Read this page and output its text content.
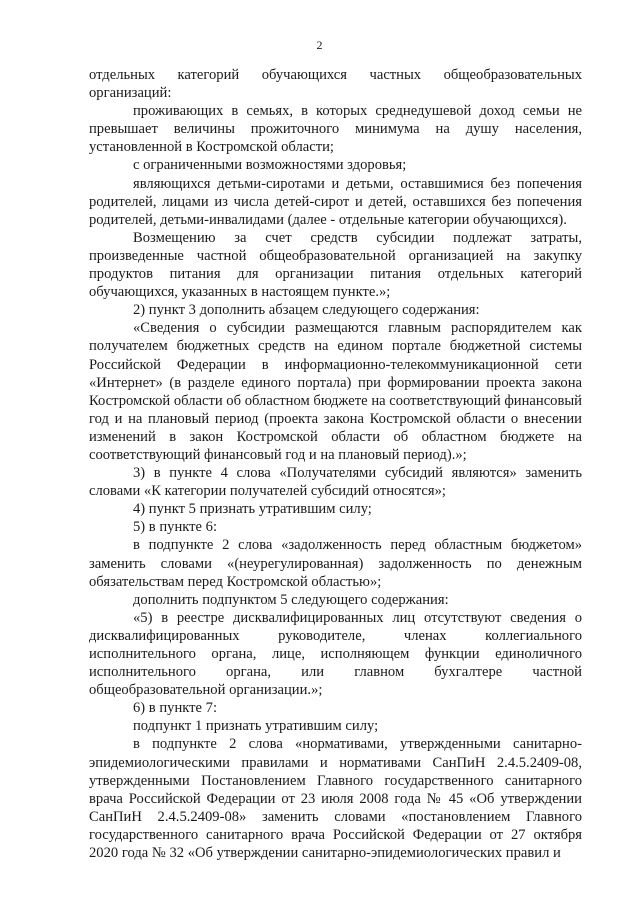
2

отдельных категорий обучающихся частных общеобразовательных организаций:

проживающих в семьях, в которых среднедушевой доход семьи не превышает величины прожиточного минимума на душу населения, установленной в Костромской области;

с ограниченными возможностями здоровья;

являющихся детьми-сиротами и детьми, оставшимися без попечения родителей, лицами из числа детей-сирот и детей, оставшихся без попечения родителей, детьми-инвалидами (далее - отдельные категории обучающихся).

Возмещению за счет средств субсидии подлежат затраты, произведенные частной общеобразовательной организацией на закупку продуктов питания для организации питания отдельных категорий обучающихся, указанных в настоящем пункте.»;

2) пункт 3 дополнить абзацем следующего содержания:

«Сведения о субсидии размещаются главным распорядителем как получателем бюджетных средств на едином портале бюджетной системы Российской Федерации в информационно-телекоммуникационной сети «Интернет» (в разделе единого портала) при формировании проекта закона Костромской области об областном бюджете на соответствующий финансовый год и на плановый период (проекта закона Костромской области о внесении изменений в закон Костромской области об областном бюджете на соответствующий финансовый год и на плановый период).»;

3) в пункте 4 слова «Получателями субсидий являются» заменить словами «К категории получателей субсидий относятся»;

4) пункт 5 признать утратившим силу;

5) в пункте 6:

в подпункте 2 слова «задолженность перед областным бюджетом» заменить словами «(неурегулированная) задолженность по денежным обязательствам перед Костромской областью»;

дополнить подпунктом 5 следующего содержания:

«5) в реестре дисквалифицированных лиц отсутствуют сведения о дисквалифицированных руководителе, членах коллегиального исполнительного органа, лице, исполняющем функции единоличного исполнительного органа, или главном бухгалтере частной общеобразовательной организации.»;

6) в пункте 7:

подпункт 1 признать утратившим силу;

в подпункте 2 слова «нормативами, утвержденными санитарно-эпидемиологическими правилами и нормативами СанПиН 2.4.5.2409-08, утвержденными Постановлением Главного государственного санитарного врача Российской Федерации от 23 июля 2008 года № 45 «Об утверждении СанПиН 2.4.5.2409-08» заменить словами «постановлением Главного государственного санитарного врача Российской Федерации от 27 октября 2020 года № 32 «Об утверждении санитарно-эпидемиологических правил и
